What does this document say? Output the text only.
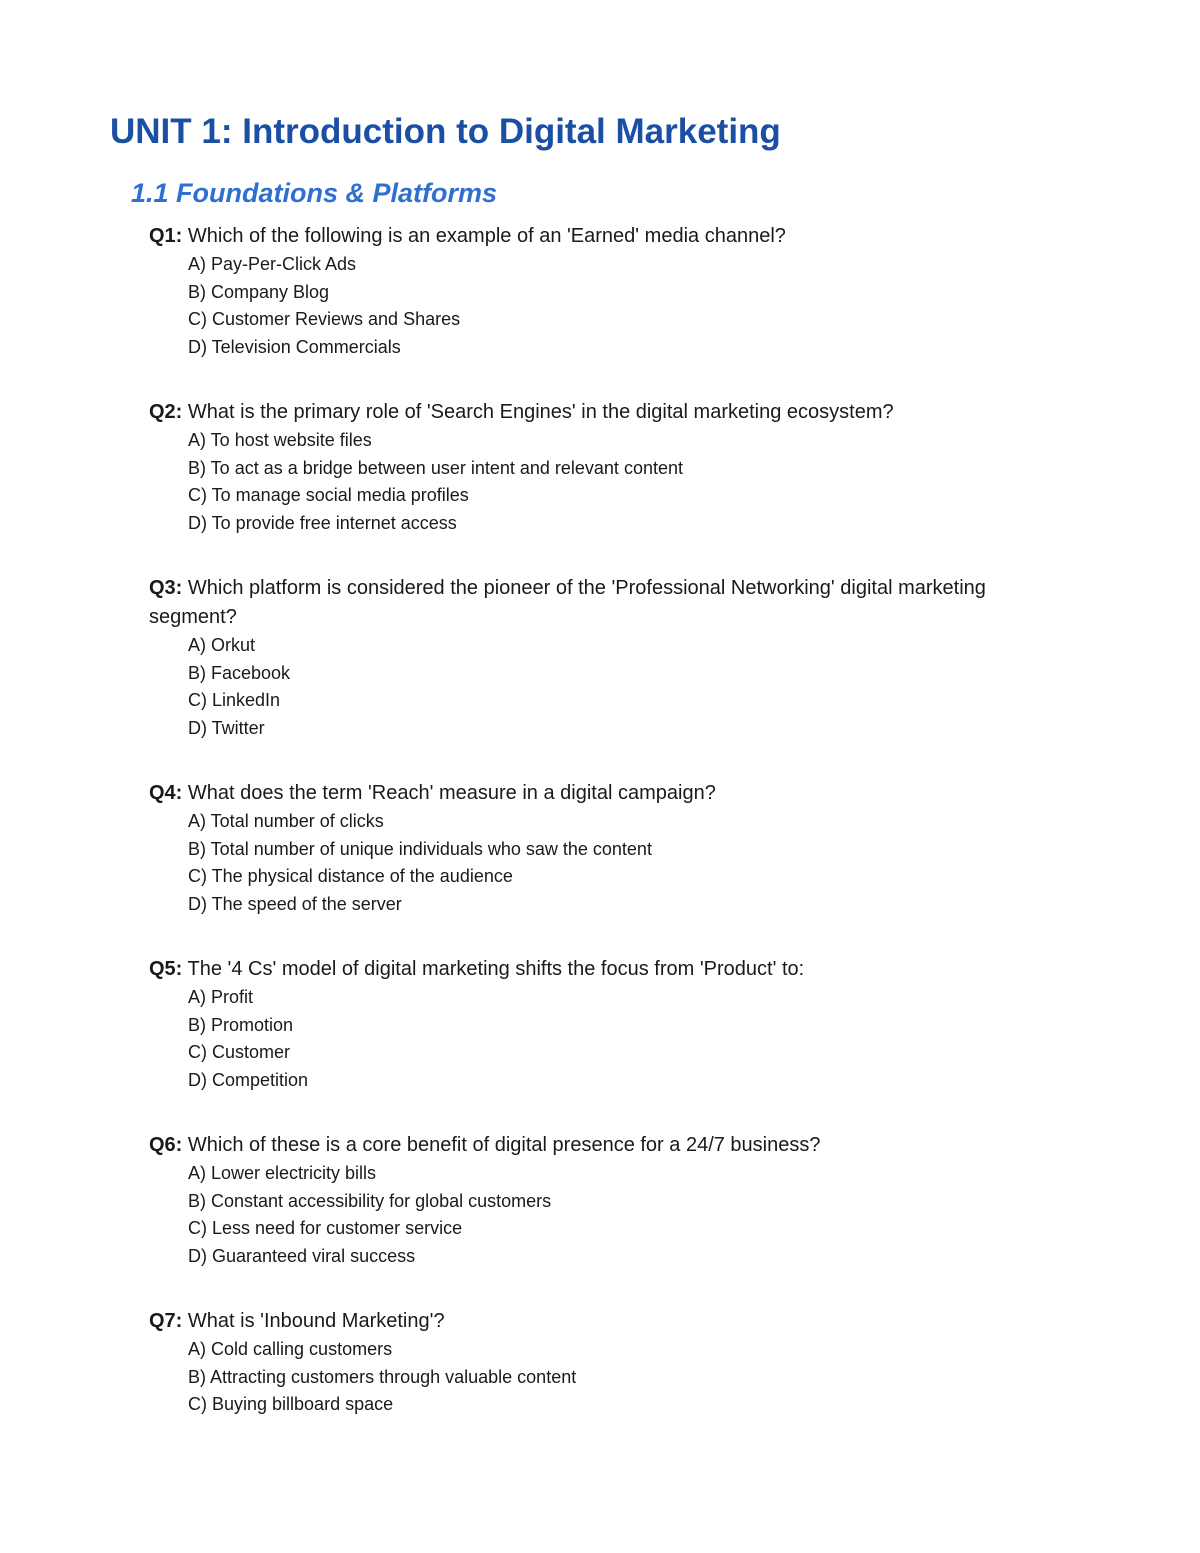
UNIT 1: Introduction to Digital Marketing
1.1 Foundations & Platforms

Q1: Which of the following is an example of an 'Earned' media channel?

A) Pay-Per-Click Ads
B) Company Blog
C) Customer Reviews and Shares
D) Television Commercials

Q2: What is the primary role of 'Search Engines' in the digital marketing ecosystem?

A) To host website files
B) To act as a bridge between user intent and relevant content
C) To manage social media profiles
D) To provide free internet access

Q3: Which platform is considered the pioneer of the 'Professional Networking' digital marketing segment?

A) Orkut
B) Facebook
C) LinkedIn
D) Twitter

Q4: What does the term 'Reach' measure in a digital campaign?

A) Total number of clicks
B) Total number of unique individuals who saw the content
C) The physical distance of the audience
D) The speed of the server

Q5: The '4 Cs' model of digital marketing shifts the focus from 'Product' to:

A) Profit
B) Promotion
C) Customer
D) Competition

Q6: Which of these is a core benefit of digital presence for a 24/7 business?

A) Lower electricity bills
B) Constant accessibility for global customers
C) Less need for customer service
D) Guaranteed viral success

Q7: What is 'Inbound Marketing'?

A) Cold calling customers
B) Attracting customers through valuable content
C) Buying billboard space
